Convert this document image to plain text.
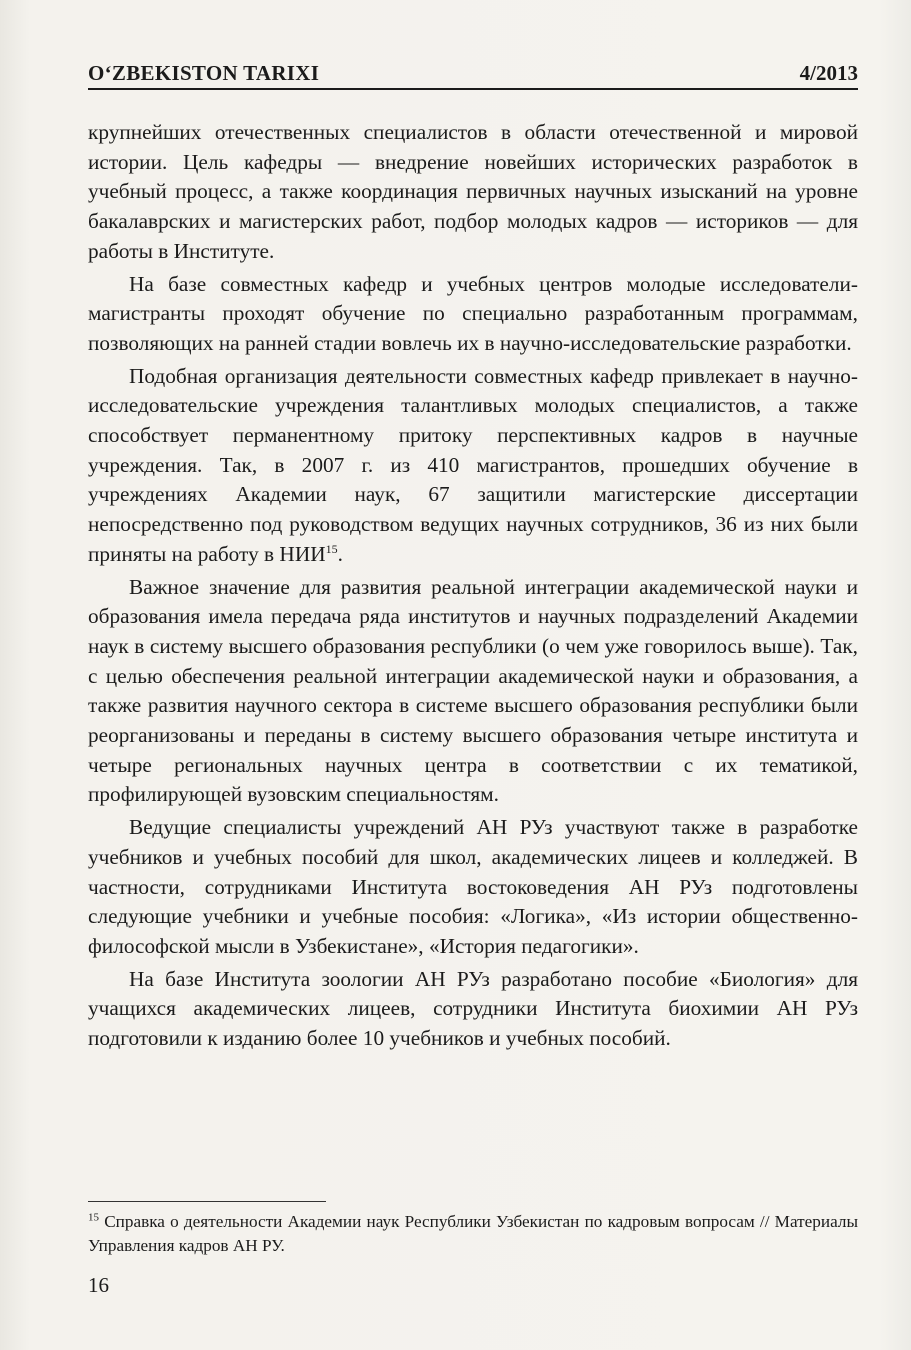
O‘ZBEKISTON TARIXI	4/2013

крупнейших отечественных специалистов в области отечественной и мировой истории. Цель кафедры — внедрение новейших исторических разработок в учебный процесс, а также координация первичных научных изысканий на уровне бакалаврских и магистерских работ, подбор молодых кадров — историков — для работы в Институте.

На базе совместных кафедр и учебных центров молодые исследователи-магистранты проходят обучение по специально разработанным программам, позволяющих на ранней стадии вовлечь их в научно-исследовательские разработки.

Подобная организация деятельности совместных кафедр привлекает в научно-исследовательские учреждения талантливых молодых специалистов, а также способствует перманентному притоку перспективных кадров в научные учреждения. Так, в 2007 г. из 410 магистрантов, прошедших обучение в учреждениях Академии наук, 67 защитили магистерские диссертации непосредственно под руководством ведущих научных сотрудников, 36 из них были приняты на работу в НИИ$^{15}$.

Важное значение для развития реальной интеграции академической науки и образования имела передача ряда институтов и научных подразделений Академии наук в систему высшего образования республики (о чем уже говорилось выше). Так, с целью обеспечения реальной интеграции академической науки и образования, а также развития научного сектора в системе высшего образования республики были реорганизованы и переданы в систему высшего образования четыре института и четыре региональных научных центра в соответствии с их тематикой, профилирующей вузовским специальностям.

Ведущие специалисты учреждений АН РУз участвуют также в разработке учебников и учебных пособий для школ, академических лицеев и колледжей. В частности, сотрудниками Института востоковедения АН РУз подготовлены следующие учебники и учебные пособия: «Логика», «Из истории общественно-философской мысли в Узбекистане», «История педагогики».

На базе Института зоологии АН РУз разработано пособие «Биология» для учащихся академических лицеев, сотрудники Института биохимии АН РУз подготовили к изданию более 10 учебников и учебных пособий.

$^{15}$ Справка о деятельности Академии наук Республики Узбекистан по кадровым вопросам // Материалы Управления кадров АН РУ.
16
